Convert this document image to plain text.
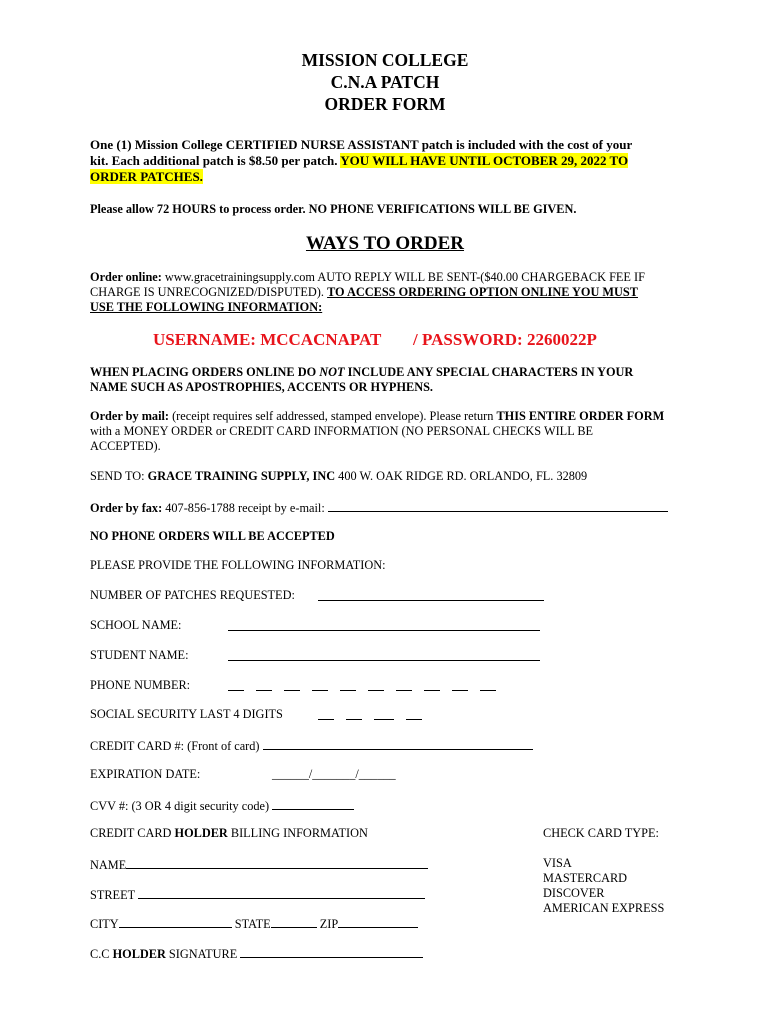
MISSION COLLEGE
C.N.A PATCH
ORDER FORM
One (1) Mission College CERTIFIED NURSE ASSISTANT patch is included with the cost of your
kit. Each additional patch is $8.50 per patch. YOU WILL HAVE UNTIL OCTOBER 29, 2022 TO
ORDER PATCHES.
Please allow 72 HOURS to process order. NO PHONE VERIFICATIONS WILL BE GIVEN.
WAYS TO ORDER
Order online: www.gracetrainingsupply.com AUTO REPLY WILL BE SENT-($40.00 CHARGEBACK FEE IF
CHARGE IS UNRECOGNIZED/DISPUTED). TO ACCESS ORDERING OPTION ONLINE YOU MUST
USE THE FOLLOWING INFORMATION:
USERNAME: MCCACNAPAT / PASSWORD: 2260022P
WHEN PLACING ORDERS ONLINE DO NOT INCLUDE ANY SPECIAL CHARACTERS IN YOUR
NAME SUCH AS APOSTROPHIES, ACCENTS OR HYPHENS.
Order by mail: (receipt requires self addressed, stamped envelope). Please return THIS ENTIRE ORDER FORM
with a MONEY ORDER or CREDIT CARD INFORMATION (NO PERSONAL CHECKS WILL BE
ACCEPTED).
SEND TO: GRACE TRAINING SUPPLY, INC 400 W. OAK RIDGE RD. ORLANDO, FL. 32809
Order by fax: 407-856-1788 receipt by e-mail:
NO PHONE ORDERS WILL BE ACCEPTED
PLEASE PROVIDE THE FOLLOWING INFORMATION:
NUMBER OF PATCHES REQUESTED:
SCHOOL NAME:
STUDENT NAME:
PHONE NUMBER:
SOCIAL SECURITY LAST 4 DIGITS
CREDIT CARD #: (Front of card)
EXPIRATION DATE:	______/_______/______
CVV #: (3 OR 4 digit security code)
CREDIT CARD HOLDER BILLING INFORMATION
NAME
STREET
CITY	STATE	ZIP
C.C HOLDER SIGNATURE
CHECK CARD TYPE:
VISA
MASTERCARD
DISCOVER
AMERICAN EXPRESS
